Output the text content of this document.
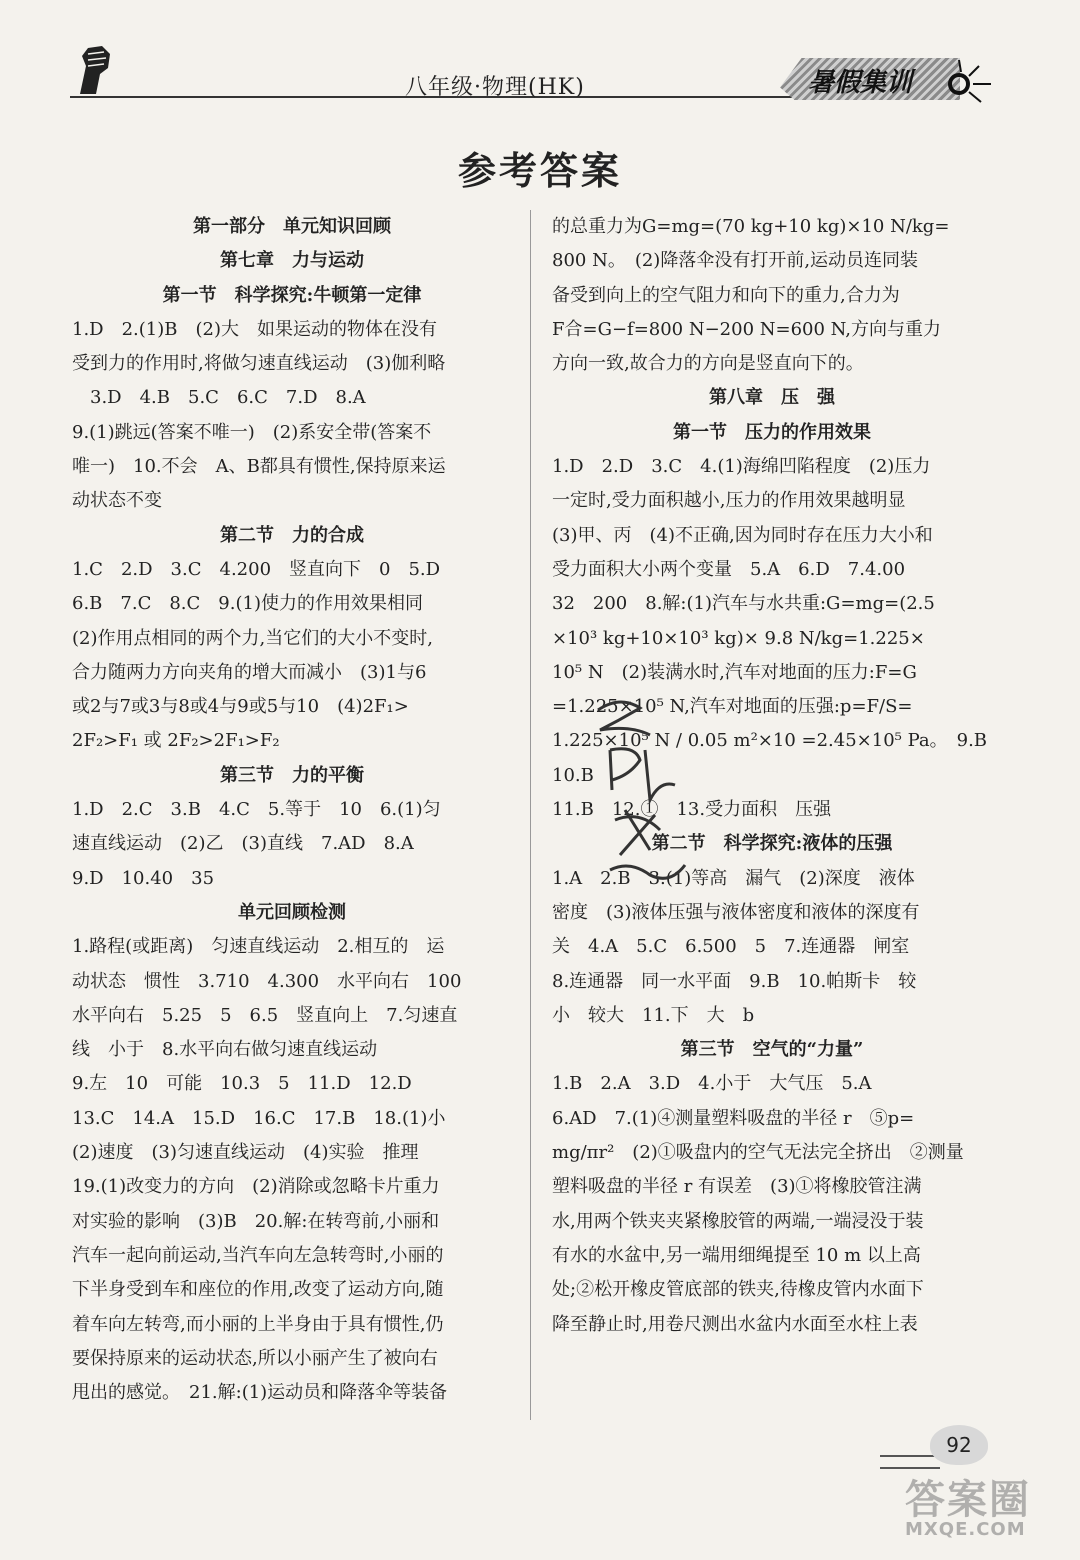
八年级·物理(HK)	暑假集训
参考答案

第一部分　单元知识回顾

第七章　力与运动

第一节　科学探究:牛顿第一定律

1.D　2.(1)B　(2)大　如果运动的物体在没有

受到力的作用时,将做匀速直线运动　(3)伽利略

　3.D　4.B　5.C　6.C　7.D　8.A

9.(1)跳远(答案不唯一)　(2)系安全带(答案不

唯一)　10.不会　A、B都具有惯性,保持原来运

动状态不变

第二节　力的合成

1.C　2.D　3.C　4.200　竖直向下　0　5.D

6.B　7.C　8.C　9.(1)使力的作用效果相同

(2)作用点相同的两个力,当它们的大小不变时,

合力随两力方向夹角的增大而减小　(3)1与6

或2与7或3与8或4与9或5与10　(4)2F₁>

2F₂>F₁ 或 2F₂>2F₁>F₂

第三节　力的平衡

1.D　2.C　3.B　4.C　5.等于　10　6.(1)匀

速直线运动　(2)乙　(3)直线　7.AD　8.A

9.D　10.40　35

单元回顾检测

1.路程(或距离)　匀速直线运动　2.相互的　运

动状态　惯性　3.710　4.300　水平向右　100

水平向右　5.25　5　6.5　竖直向上　7.匀速直

线　小于　8.水平向右做匀速直线运动

9.左　10　可能　10.3　5　11.D　12.D

13.C　14.A　15.D　16.C　17.B　18.(1)小

(2)速度　(3)匀速直线运动　(4)实验　推理

19.(1)改变力的方向　(2)消除或忽略卡片重力

对实验的影响　(3)B　20.解:在转弯前,小丽和

汽车一起向前运动,当汽车向左急转弯时,小丽的

下半身受到车和座位的作用,改变了运动方向,随

着车向左转弯,而小丽的上半身由于具有惯性,仍

要保持原来的运动状态,所以小丽产生了被向右

甩出的感觉。　21.解:(1)运动员和降落伞等装备

的总重力为G=mg=(70 kg+10 kg)×10 N/kg=

800 N。　(2)降落伞没有打开前,运动员连同装

备受到向上的空气阻力和向下的重力,合力为

F合=G−f=800 N−200 N=600 N,方向与重力

方向一致,故合力的方向是竖直向下的。

第八章　压　强

第一节　压力的作用效果

1.D　2.D　3.C　4.(1)海绵凹陷程度　(2)压力

一定时,受力面积越小,压力的作用效果越明显

(3)甲、丙　(4)不正确,因为同时存在压力大小和

受力面积大小两个变量　5.A　6.D　7.4.00

32　200　8.解:(1)汽车与水共重:G=mg=(2.5

×10³ kg+10×10³ kg)× 9.8 N/kg=1.225×

10⁵ N　(2)装满水时,汽车对地面的压力:F=G

=1.225×10⁵ N,汽车对地面的压强:p=F/S=

1.225×10⁵ N / 0.05 m²×10 =2.45×10⁵ Pa。　9.B　10.B

11.B　12.①　13.受力面积　压强

第二节　科学探究:液体的压强

1.A　2.B　3.(1)等高　漏气　(2)深度　液体

密度　(3)液体压强与液体密度和液体的深度有

关　4.A　5.C　6.500　5　7.连通器　闸室

8.连通器　同一水平面　9.B　10.帕斯卡　较

小　较大　11.下　大　b

第三节　空气的“力量”

1.B　2.A　3.D　4.小于　大气压　5.A

6.AD　7.(1)④测量塑料吸盘的半径 r　⑤p=

mg/πr²　(2)①吸盘内的空气无法完全挤出　②测量

塑料吸盘的半径 r 有误差　(3)①将橡胶管注满

水,用两个铁夹夹紧橡胶管的两端,一端浸没于装

有水的水盆中,另一端用细绳提至 10 m 以上高

处;②松开橡皮管底部的铁夹,待橡皮管内水面下

降至静止时,用卷尺测出水盆内水面至水柱上表

92
答案圈
MXQE.COM
